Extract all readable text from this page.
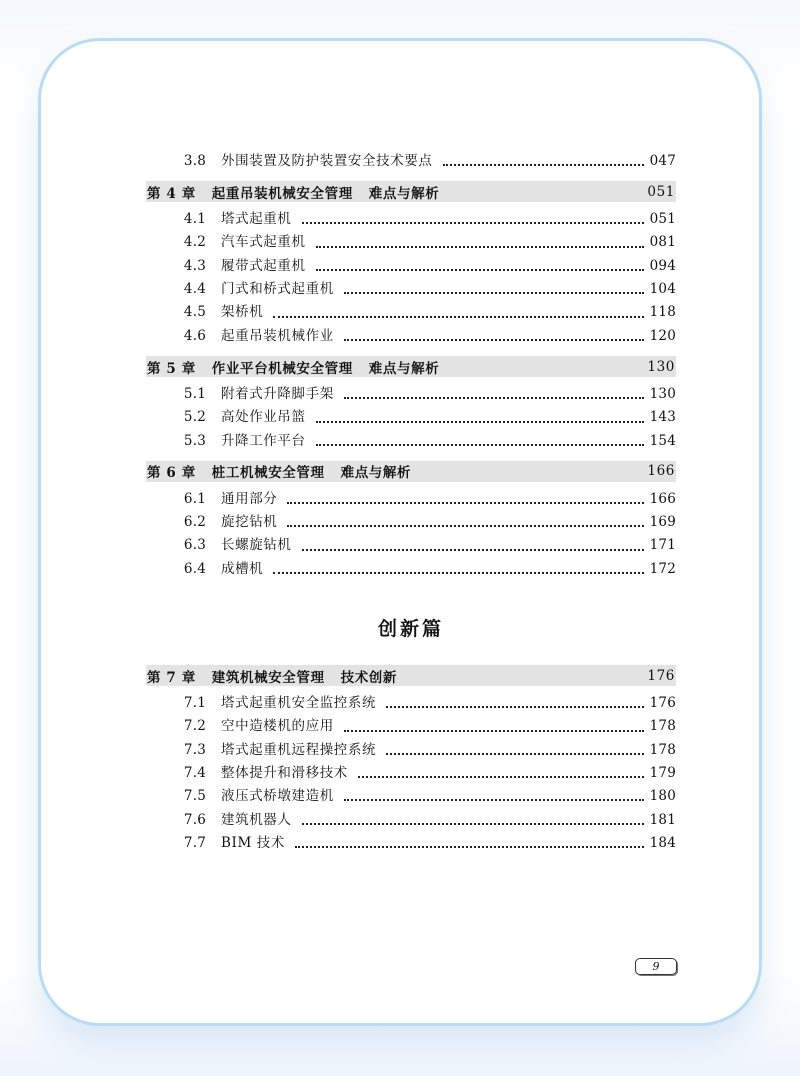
3.8 外围装置及防护装置安全技术要点	047
第 4 章 起重吊装机械安全管理 难点与解析	051
4.1 塔式起重机	051
4.2 汽车式起重机	081
4.3 履带式起重机	094
4.4 门式和桥式起重机	104
4.5 架桥机	118
4.6 起重吊装机械作业	120
第 5 章 作业平台机械安全管理 难点与解析	130
5.1 附着式升降脚手架	130
5.2 高处作业吊篮	143
5.3 升降工作平台	154
第 6 章 桩工机械安全管理 难点与解析	166
6.1 通用部分	166
6.2 旋挖钻机	169
6.3 长螺旋钻机	171
6.4 成槽机	172
创新篇
第 7 章 建筑机械安全管理 技术创新	176
7.1 塔式起重机安全监控系统	176
7.2 空中造楼机的应用	178
7.3 塔式起重机远程操控系统	178
7.4 整体提升和滑移技术	179
7.5 液压式桥墩建造机	180
7.6 建筑机器人	181
7.7 BIM 技术	184
9
